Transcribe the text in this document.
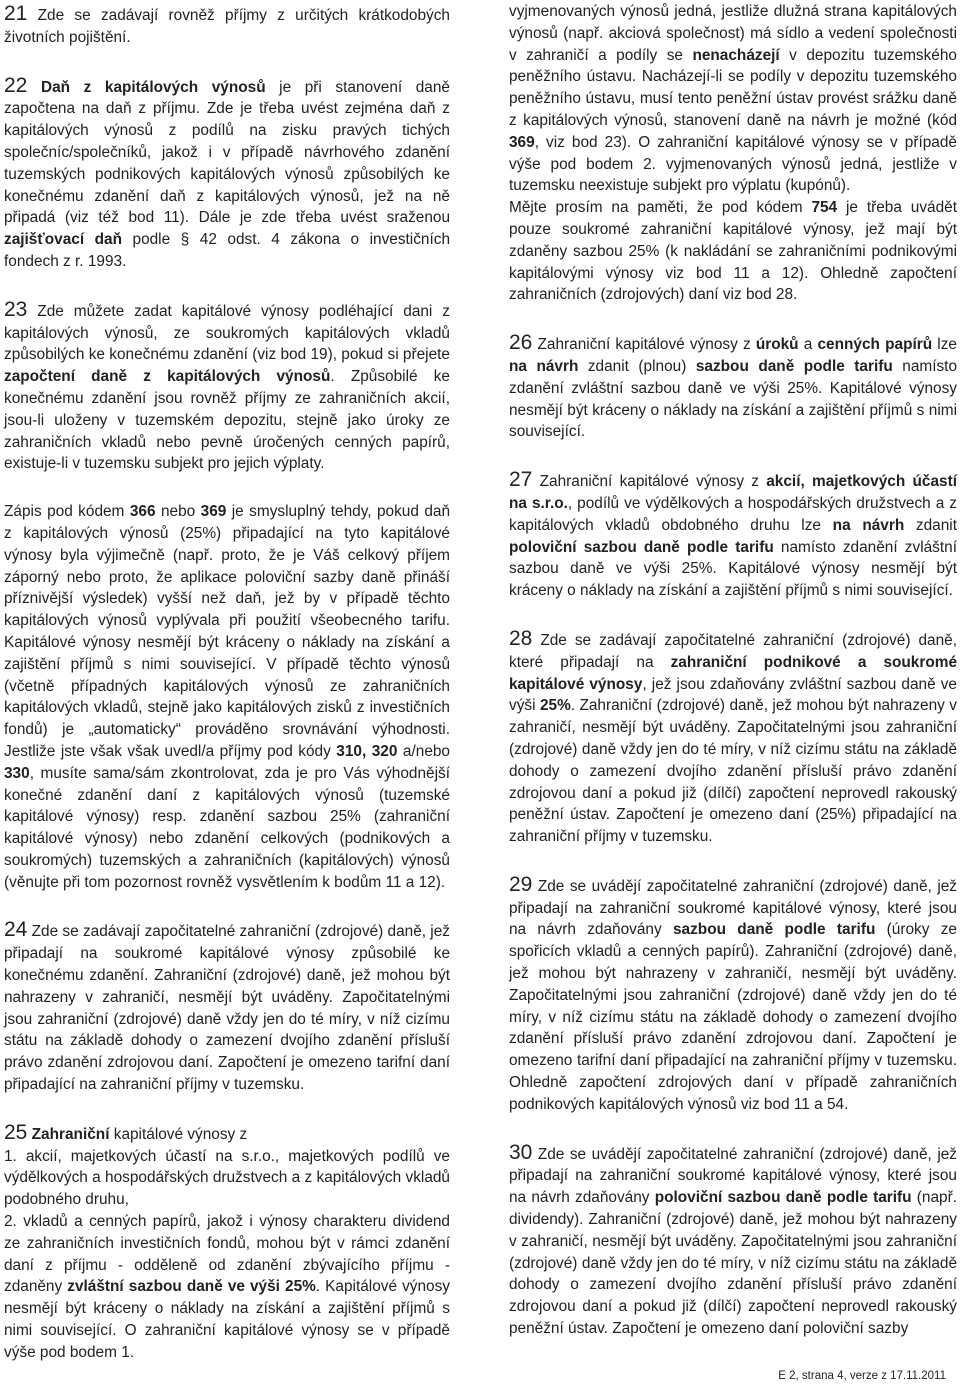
21 Zde se zadávají rovněž příjmy z určitých krátkodobých životních pojištění.

22 Daň z kapitálových výnosů je při stanovení daně započtena na daň z příjmu. Zde je třeba uvést zejména daň z kapitálových výnosů z podílů na zisku pravých tichých společníc/společníků, jakož i v případě návrhového zdanění tuzemských podnikových kapitálových výnosů způsobilých ke konečnému zdanění daň z kapitálových výnosů, jež na ně připadá (viz též bod 11). Dále je zde třeba uvést sraženou zajišťovací daň podle § 42 odst. 4 zákona o investičních fondech z r. 1993.

23 Zde můžete zadat kapitálové výnosy podléhající dani z kapitálových výnosů, ze soukromých kapitálových vkladů způsobilých ke konečnému zdanění (viz bod 19), pokud si přejete započtení daně z kapitálových výnosů. Způsobilé ke konečnému zdanění jsou rovněž příjmy ze zahraničních akcií, jsou-li uloženy v tuzemském depozitu, stejně jako úroky ze zahraničních vkladů nebo pevně úročených cenných papírů, existuje-li v tuzemsku subjekt pro jejich výplaty.

Zápis pod kódem 366 nebo 369 je smysluplný tehdy, pokud daň z kapitálových výnosů (25%) připadající na tyto kapitálové výnosy byla výjimečně (např. proto, že je Váš celkový příjem záporný nebo proto, že aplikace poloviční sazby daně přináší příznivější výsledek) vyšší než daň, jež by v případě těchto kapitálových výnosů vyplývala při použití všeobecného tarifu. Kapitálové výnosy nesmějí být kráceny o náklady na získání a zajištění příjmů s nimi související. V případě těchto výnosů (včetně případných kapitálových výnosů ze zahraničních kapitálových vkladů, stejně jako kapitálových zisků z investičních fondů) je „automaticky“ prováděno srovnávání výhodnosti. Jestliže jste však však uvedl/a příjmy pod kódy 310, 320 a/nebo 330, musíte sama/sám zkontrolovat, zda je pro Vás výhodnější konečné zdanění daní z kapitálových výnosů (tuzemské kapitálové výnosy) resp. zdanění sazbou 25% (zahraniční kapitálové výnosy) nebo zdanění celkových (podnikových a soukromých) tuzemských a zahraničních (kapitálových) výnosů (věnujte při tom pozornost rovněž vysvětlením k bodům 11 a 12).

24 Zde se zadávají započitatelné zahraniční (zdrojové) daně, jež připadají na soukromé kapitálové výnosy způsobilé ke konečnému zdanění. Zahraniční (zdrojové) daně, jež mohou být nahrazeny v zahraničí, nesmějí být uváděny. Započitatelnými jsou zahraniční (zdrojové) daně vždy jen do té míry, v níž cizímu státu na základě dohody o zamezení dvojího zdanění přísluší právo zdanění zdrojovou daní. Započtení je omezeno tarifní daní připadající na zahraniční příjmy v tuzemsku.

25 Zahraniční kapitálové výnosy z

1. akcií, majetkových účastí na s.r.o., majetkových podílů ve výdělkových a hospodářských družstvech a z kapitálových vkladů podobného druhu,

2. vkladů a cenných papírů, jakož i výnosy charakteru dividend ze zahraničních investičních fondů, mohou být v rámci zdanění daní z příjmu - odděleně od zdanění zbývajícího příjmu - zdaněny zvláštní sazbou daně ve výši 25%. Kapitálové výnosy nesmějí být kráceny o náklady na získání a zajištění příjmů s nimi související. O zahraniční kapitálové výnosy se v případě výše pod bodem 1.

vyjmenovaných výnosů jedná, jestliže dlužná strana kapitálových výnosů (např. akciová společnost) má sídlo a vedení společnosti v zahraničí a podíly se nenacházejí v depozitu tuzemského peněžního ústavu. Nacházejí-li se podíly v depozitu tuzemského peněžního ústavu, musí tento peněžní ústav provést srážku daně z kapitálových výnosů, stanovení daně na návrh je možné (kód 369, viz bod 23). O zahraniční kapitálové výnosy se v případě výše pod bodem 2. vyjmenovaných výnosů jedná, jestliže v tuzemsku neexistuje subjekt pro výplatu (kupónů).

Mějte prosím na paměti, že pod kódem 754 je třeba uvádět pouze soukromé zahraniční kapitálové výnosy, jež mají být zdaněny sazbou 25% (k nakládání se zahraničními podnikovými kapitálovými výnosy viz bod 11 a 12). Ohledně započtení zahraničních (zdrojových) daní viz bod 28.

26 Zahraniční kapitálové výnosy z úroků a cenných papírů lze na návrh zdanit (plnou) sazbou daně podle tarifu namísto zdanění zvláštní sazbou daně ve výši 25%. Kapitálové výnosy nesmějí být kráceny o náklady na získání a zajištění příjmů s nimi související.

27 Zahraniční kapitálové výnosy z akcií, majetkových účastí na s.r.o., podílů ve výdělkových a hospodářských družstvech a z kapitálových vkladů obdobného druhu lze na návrh zdanit poloviční sazbou daně podle tarifu namísto zdanění zvláštní sazbou daně ve výši 25%. Kapitálové výnosy nesmějí být kráceny o náklady na získání a zajištění příjmů s nimi související.

28 Zde se zadávají započitatelné zahraniční (zdrojové) daně, které připadají na zahraniční podnikové a soukromé kapitálové výnosy, jež jsou zdaňovány zvláštní sazbou daně ve výši 25%. Zahraniční (zdrojové) daně, jež mohou být nahrazeny v zahraničí, nesmějí být uváděny. Započitatelnými jsou zahraniční (zdrojové) daně vždy jen do té míry, v níž cizímu státu na základě dohody o zamezení dvojího zdanění přísluší právo zdanění zdrojovou daní a pokud již (dílčí) započtení neprovedl rakouský peněžní ústav. Započtení je omezeno daní (25%) připadající na zahraniční příjmy v tuzemsku.

29 Zde se uvádějí započitatelné zahraniční (zdrojové) daně, jež připadají na zahraniční soukromé kapitálové výnosy, které jsou na návrh zdaňovány sazbou daně podle tarifu (úroky ze spořicích vkladů a cenných papírů). Zahraniční (zdrojové) daně, jež mohou být nahrazeny v zahraničí, nesmějí být uváděny. Započitatelnými jsou zahraniční (zdrojové) daně vždy jen do té míry, v níž cizímu státu na základě dohody o zamezení dvojího zdanění přísluší právo zdanění zdrojovou daní. Započtení je omezeno tarifní daní připadající na zahraniční příjmy v tuzemsku. Ohledně započtení zdrojových daní v případě zahraničních podnikových kapitálových výnosů viz bod 11 a 54.

30 Zde se uvádějí započitatelné zahraniční (zdrojové) daně, jež připadají na zahraniční soukromé kapitálové výnosy, které jsou na návrh zdaňovány poloviční sazbou daně podle tarifu (např. dividendy). Zahraniční (zdrojové) daně, jež mohou být nahrazeny v zahraničí, nesmějí být uváděny. Započitatelnými jsou zahraniční (zdrojové) daně vždy jen do té míry, v níž cizímu státu na základě dohody o zamezení dvojího zdanění přísluší právo zdanění zdrojovou daní a pokud již (dílčí) započtení neprovedl rakouský peněžní ústav. Započtení je omezeno daní poloviční sazby

E 2, strana 4, verze z 17.11.2011
